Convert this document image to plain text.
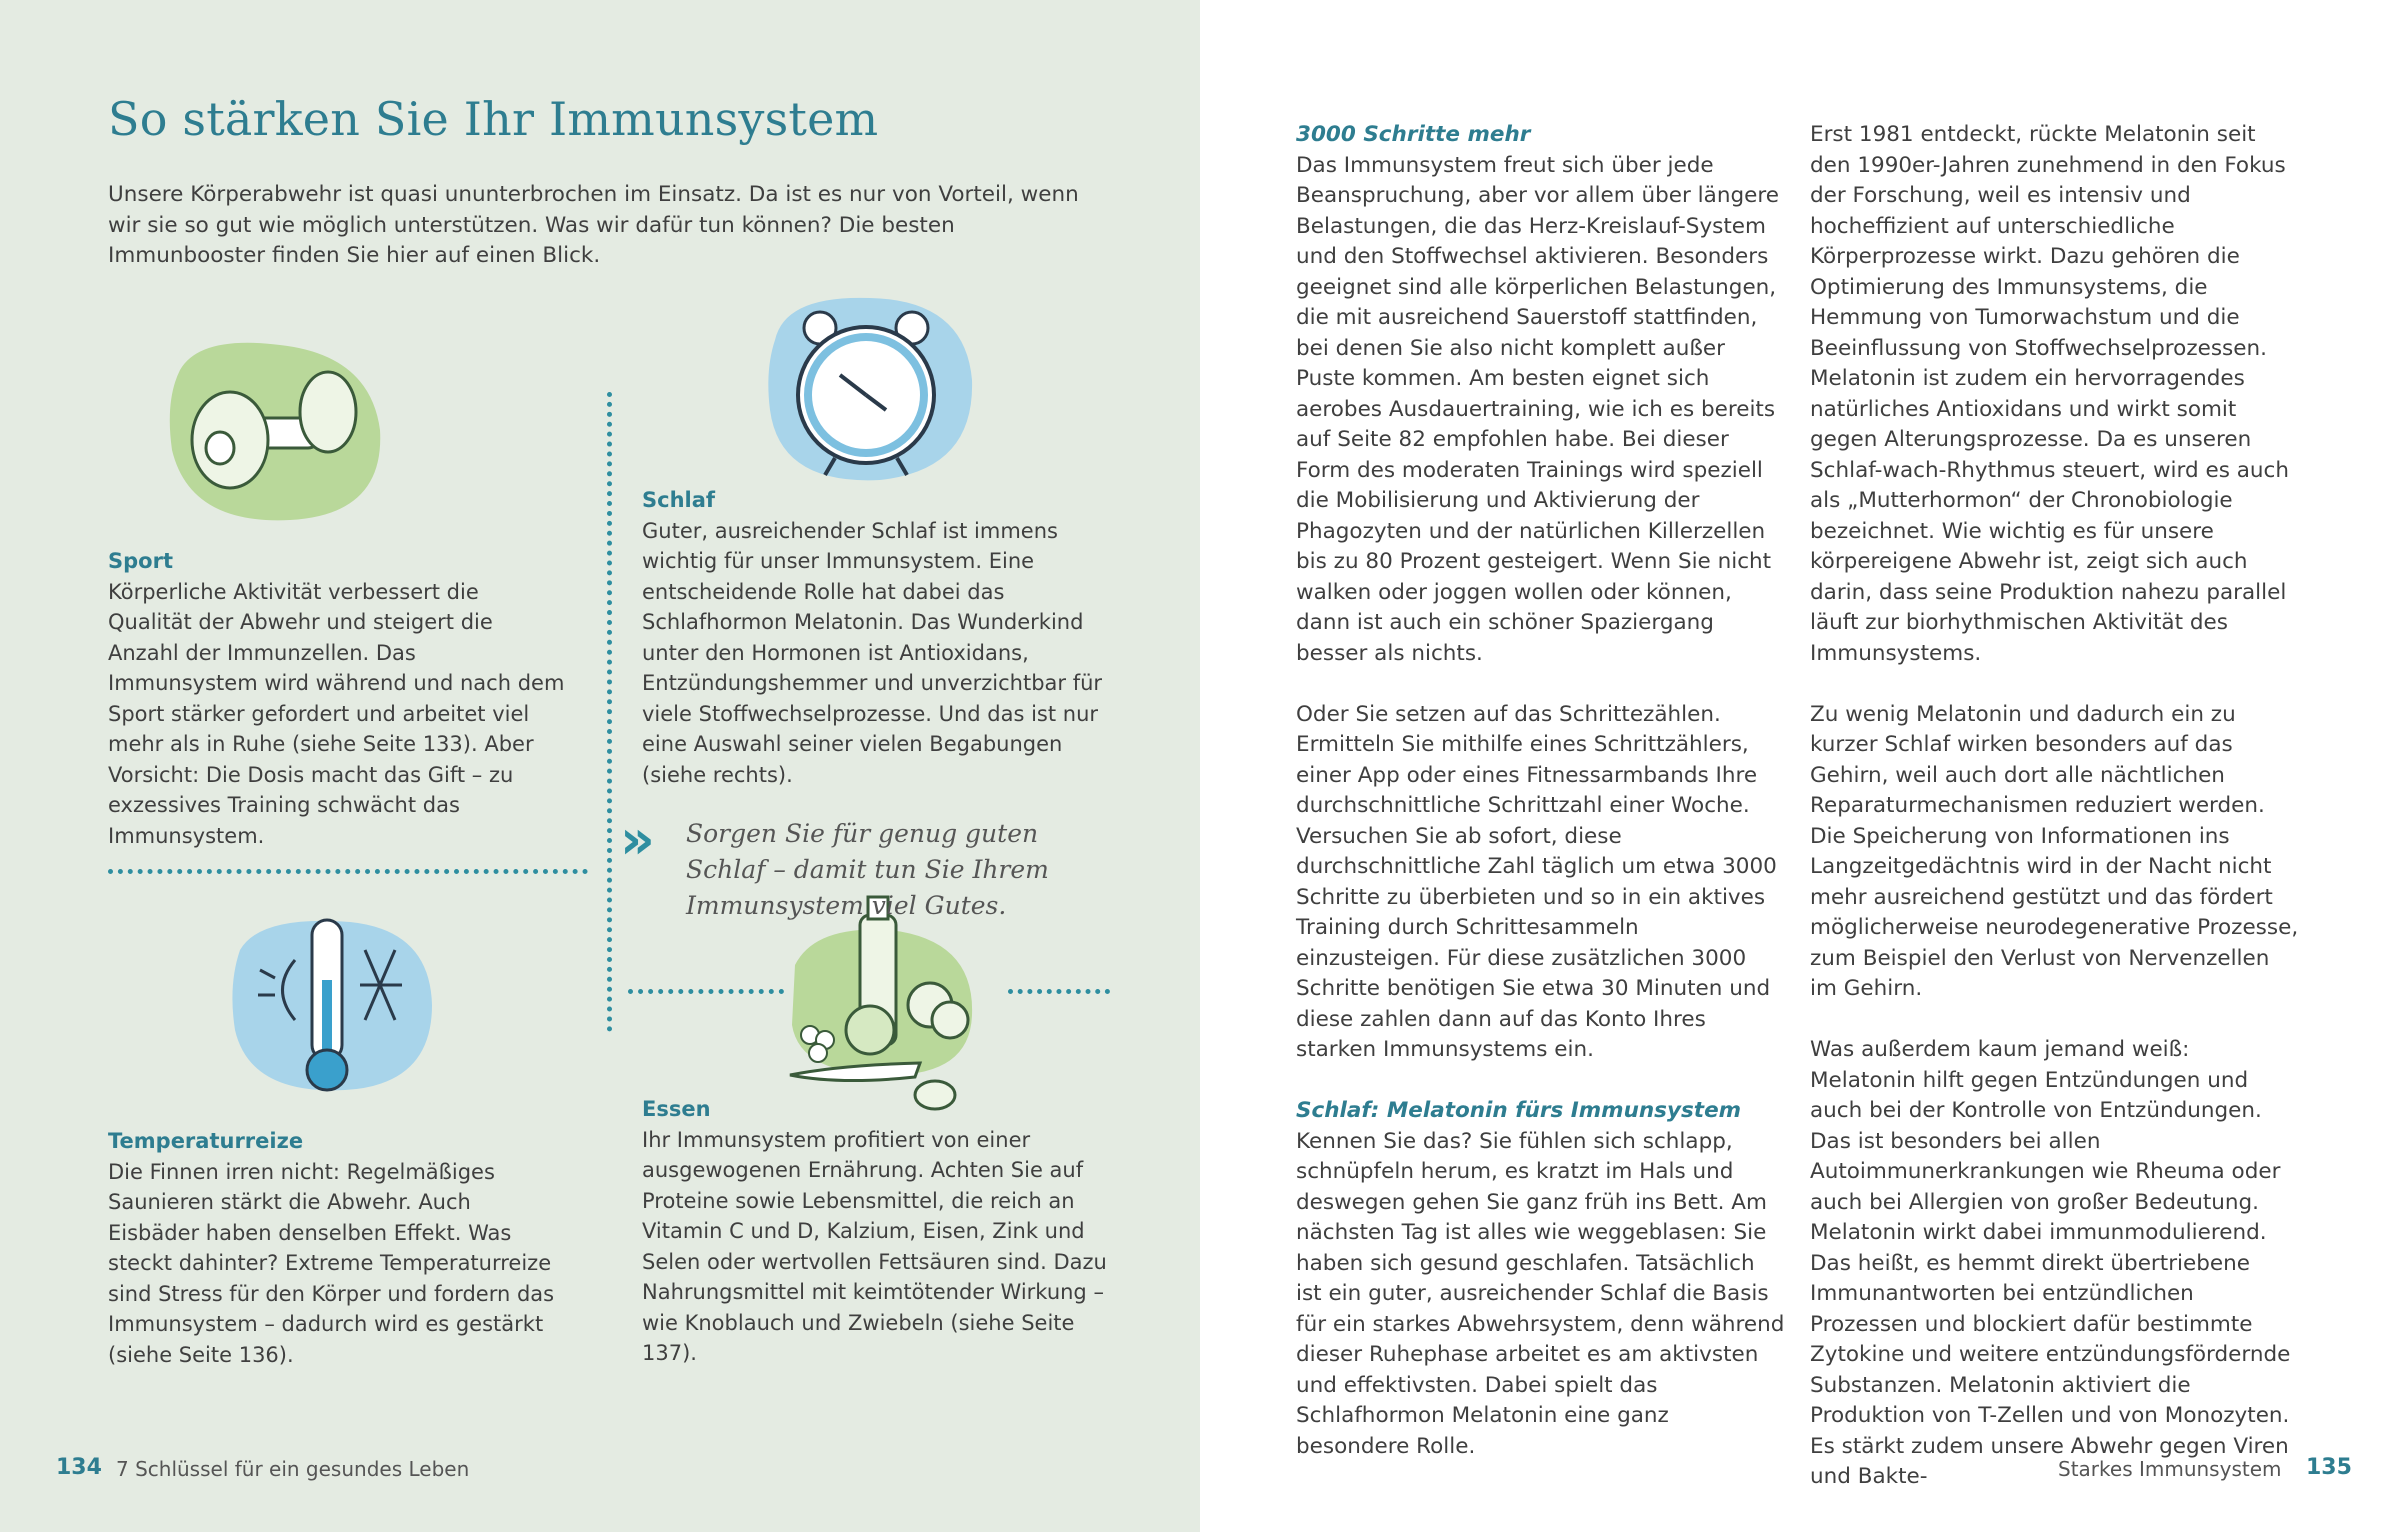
So stärken Sie Ihr Immunsystem
Unsere Körperabwehr ist quasi ununterbrochen im Einsatz. Da ist es nur von Vorteil, wenn wir sie so gut wie möglich unterstützen. Was wir dafür tun können? Die besten Immunbooster finden Sie hier auf einen Blick.
Sport
Körperliche Aktivität verbessert die Qualität der Abwehr und steigert die Anzahl der Immunzellen. Das Immunsystem wird während und nach dem Sport stärker gefordert und arbeitet viel mehr als in Ruhe (siehe Seite 133). Aber Vorsicht: Die Dosis macht das Gift – zu exzessives Training schwächt das Immunsystem.
Schlaf
Guter, ausreichender Schlaf ist immens wichtig für unser Immunsystem. Eine entscheidende Rolle hat dabei das Schlafhormon Melatonin. Das Wunderkind unter den Hormonen ist Antioxidans, Entzündungshemmer und unverzichtbar für viele Stoffwechselprozesse. Und das ist nur eine Auswahl seiner vielen Begabungen (siehe rechts).
» Sorgen Sie für genug guten Schlaf – damit tun Sie Ihrem Immunsystem viel Gutes.
Temperaturreize
Die Finnen irren nicht: Regelmäßiges Saunieren stärkt die Abwehr. Auch Eisbäder haben denselben Effekt. Was steckt dahinter? Extreme Temperaturreize sind Stress für den Körper und fordern das Immunsystem – dadurch wird es gestärkt (siehe Seite 136).
Essen
Ihr Immunsystem profitiert von einer ausgewogenen Ernährung. Achten Sie auf Proteine sowie Lebensmittel, die reich an Vitamin C und D, Kalzium, Eisen, Zink und Selen oder wertvollen Fettsäuren sind. Dazu Nahrungsmittel mit keimtötender Wirkung – wie Knoblauch und Zwiebeln (siehe Seite 137).
134 7 Schlüssel für ein gesundes Leben

3000 Schritte mehr
Das Immunsystem freut sich über jede Beanspruchung, aber vor allem über längere Belastungen, die das Herz-Kreislauf-System und den Stoffwechsel aktivieren. Besonders geeignet sind alle körperlichen Belastungen, die mit ausreichend Sauerstoff stattfinden, bei denen Sie also nicht komplett außer Puste kommen. Am besten eignet sich aerobes Ausdauertraining, wie ich es bereits auf Seite 82 empfohlen habe. Bei dieser Form des moderaten Trainings wird speziell die Mobilisierung und Aktivierung der Phagozyten und der natürlichen Killerzellen bis zu 80 Prozent gesteigert. Wenn Sie nicht walken oder joggen wollen oder können, dann ist auch ein schöner Spaziergang besser als nichts.

Oder Sie setzen auf das Schrittezählen. Ermitteln Sie mithilfe eines Schrittzählers, einer App oder eines Fitnessarmbands Ihre durchschnittliche Schrittzahl einer Woche. Versuchen Sie ab sofort, diese durchschnittliche Zahl täglich um etwa 3000 Schritte zu überbieten und so in ein aktives Training durch Schrittesammeln einzusteigen. Für diese zusätzlichen 3000 Schritte benötigen Sie etwa 30 Minuten und diese zahlen dann auf das Konto Ihres starken Immunsystems ein.

Schlaf: Melatonin fürs Immunsystem
Kennen Sie das? Sie fühlen sich schlapp, schnüpfeln herum, es kratzt im Hals und deswegen gehen Sie ganz früh ins Bett. Am nächsten Tag ist alles wie weggeblasen: Sie haben sich gesund geschlafen. Tatsächlich ist ein guter, ausreichender Schlaf die Basis für ein starkes Abwehrsystem, denn während dieser Ruhephase arbeitet es am aktivsten und effektivsten. Dabei spielt das Schlafhormon Melatonin eine ganz besondere Rolle.

Erst 1981 entdeckt, rückte Melatonin seit den 1990er-Jahren zunehmend in den Fokus der Forschung, weil es intensiv und hocheffizient auf unterschiedliche Körperprozesse wirkt. Dazu gehören die Optimierung des Immunsystems, die Hemmung von Tumorwachstum und die Beeinflussung von Stoffwechselprozessen. Melatonin ist zudem ein hervorragendes natürliches Antioxidans und wirkt somit gegen Alterungsprozesse. Da es unseren Schlaf-wach-Rhythmus steuert, wird es auch als „Mutterhormon“ der Chronobiologie bezeichnet. Wie wichtig es für unsere körpereigene Abwehr ist, zeigt sich auch darin, dass seine Produktion nahezu parallel läuft zur biorhythmischen Aktivität des Immunsystems.

Zu wenig Melatonin und dadurch ein zu kurzer Schlaf wirken besonders auf das Gehirn, weil auch dort alle nächtlichen Reparaturmechanismen reduziert werden. Die Speicherung von Informationen ins Langzeitgedächtnis wird in der Nacht nicht mehr ausreichend gestützt und das fördert möglicherweise neurodegenerative Prozesse, zum Beispiel den Verlust von Nervenzellen im Gehirn.

Was außerdem kaum jemand weiß: Melatonin hilft gegen Entzündungen und auch bei der Kontrolle von Entzündungen. Das ist besonders bei allen Autoimmunerkrankungen wie Rheuma oder auch bei Allergien von großer Bedeutung. Melatonin wirkt dabei immunmodulierend. Das heißt, es hemmt direkt übertriebene Immunantworten bei entzündlichen Prozessen und blockiert dafür bestimmte Zytokine und weitere entzündungsfördernde Substanzen. Melatonin aktiviert die Produktion von T-Zellen und von Monozyten. Es stärkt zudem unsere Abwehr gegen Viren und Bakte-	Starkes Immunsystem 135
